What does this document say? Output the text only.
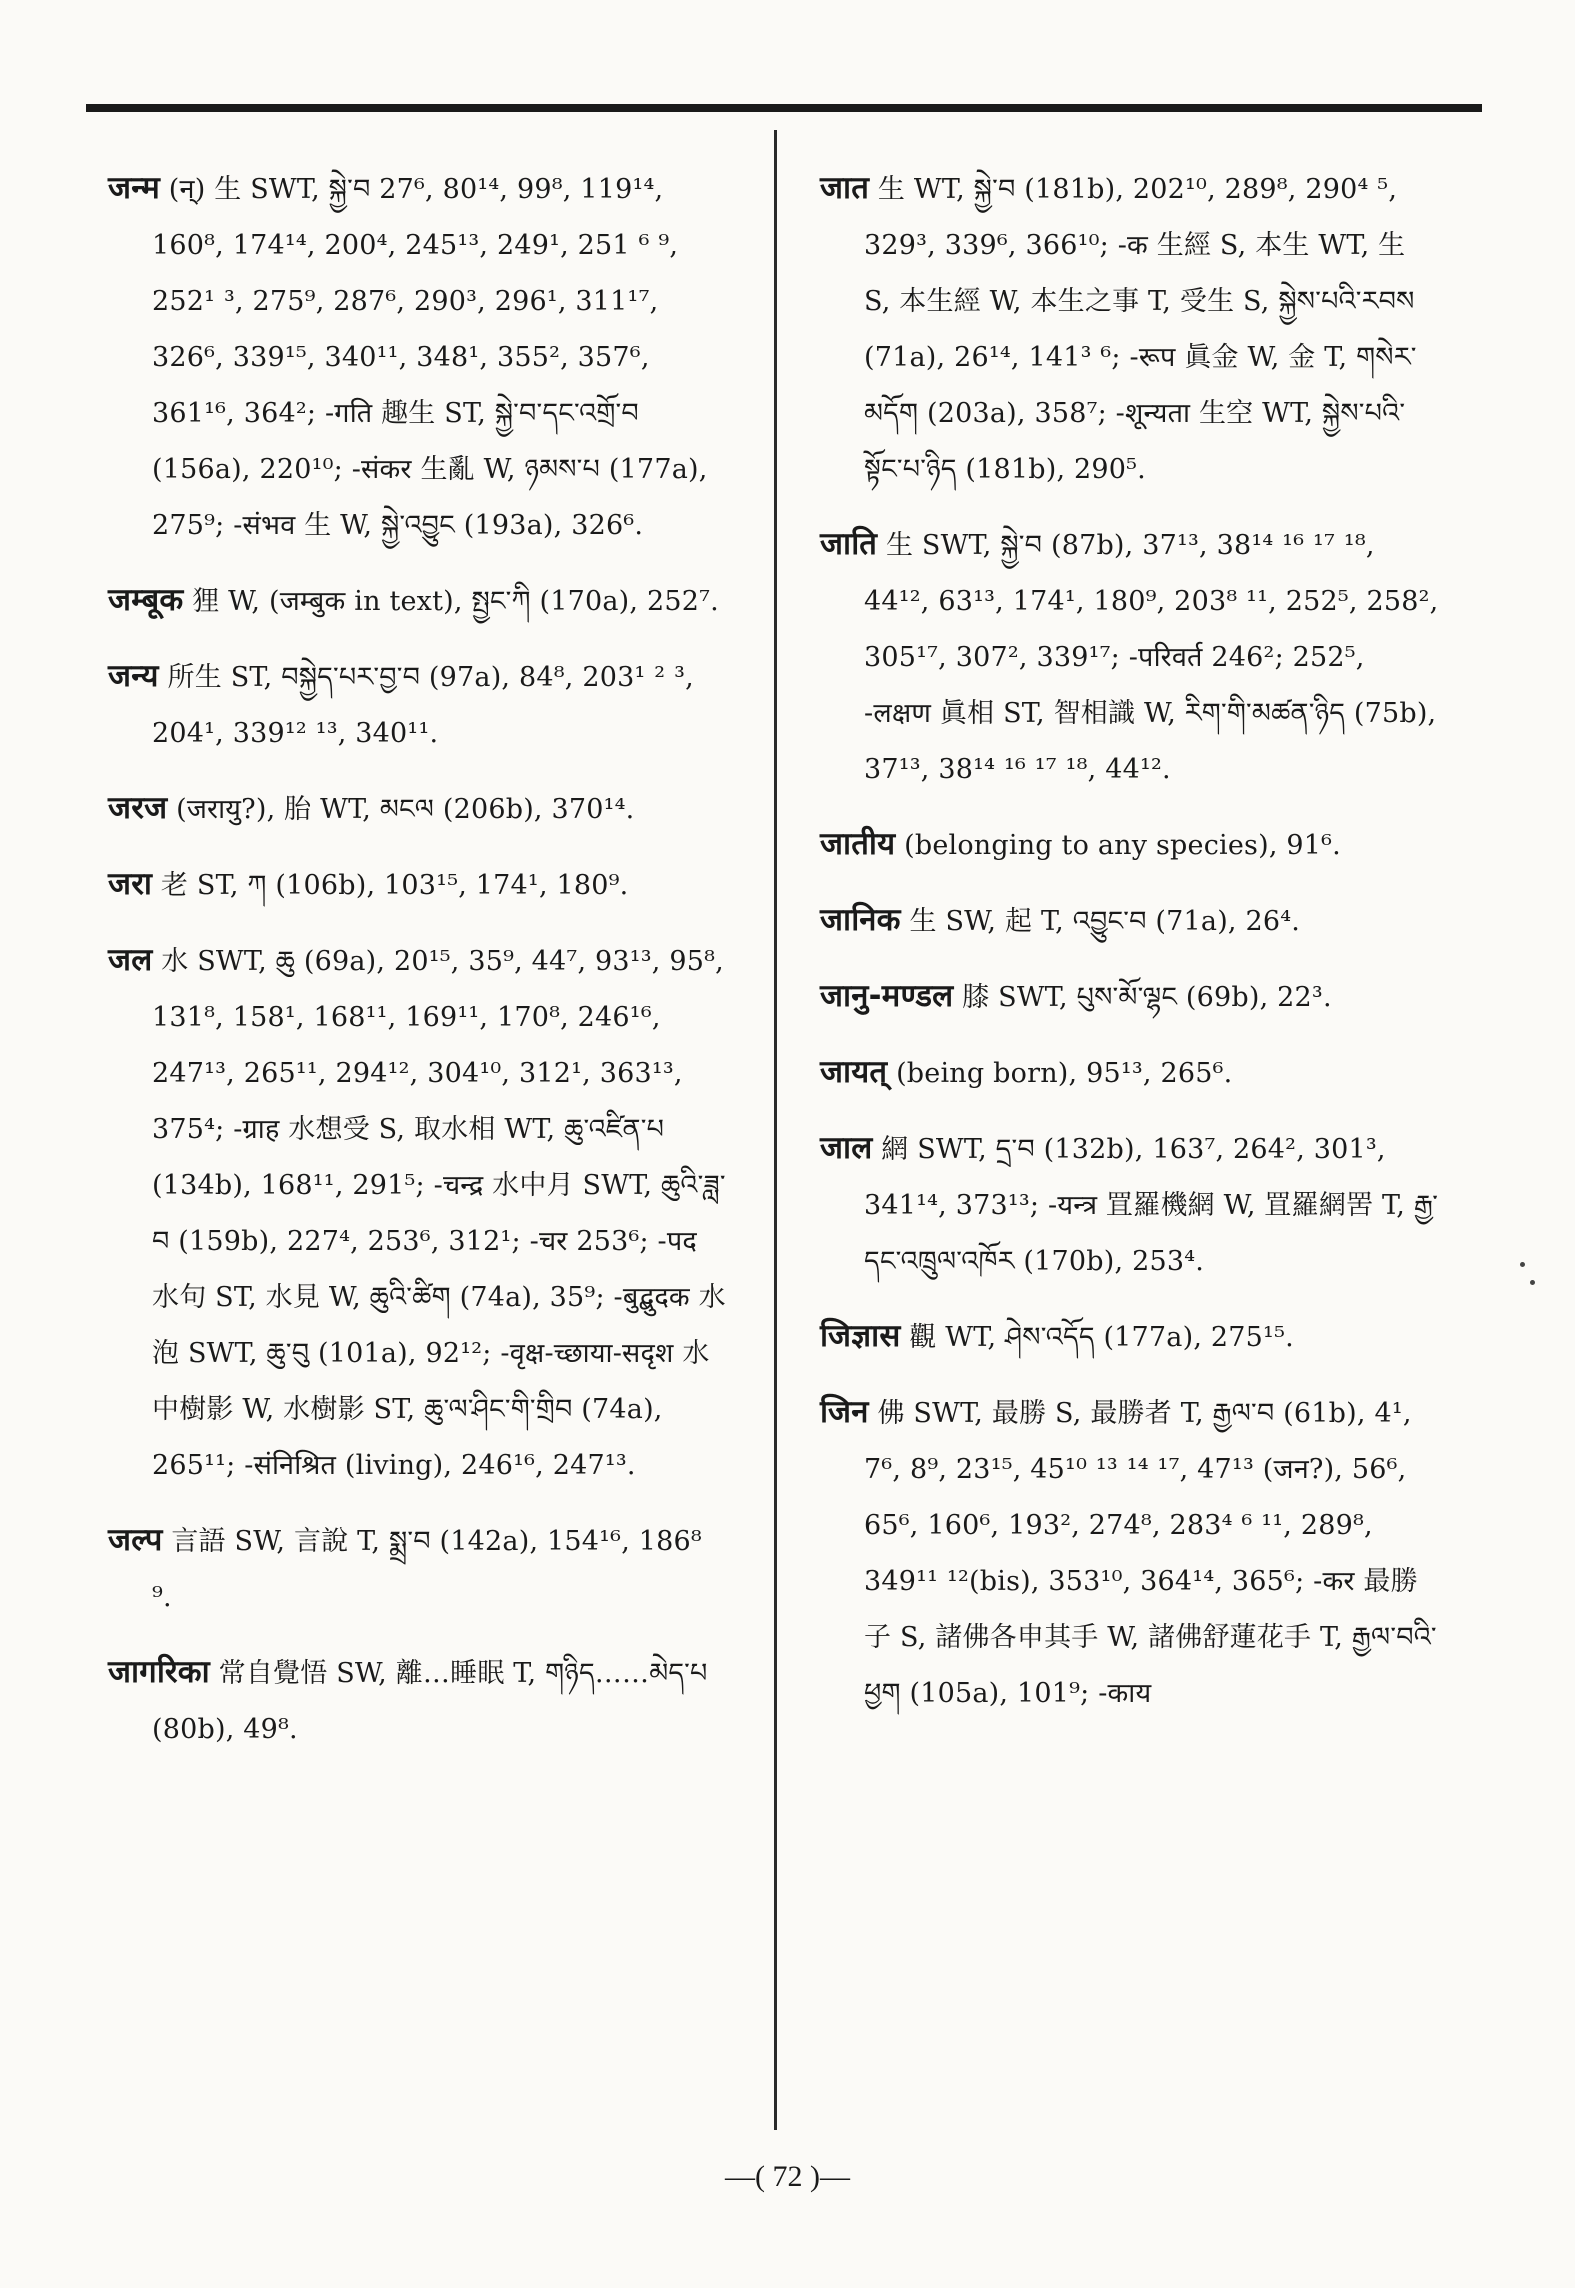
जन्म (न्) 生 SWT, སྐྱེ་བ 27⁶, 80¹⁴, 99⁸, 119¹⁴, 160⁸, 174¹⁴, 200⁴, 245¹³, 249¹, 251 ⁶ ⁹, 252¹ ³, 275⁹, 287⁶, 290³, 296¹, 311¹⁷, 326⁶, 339¹⁵, 340¹¹, 348¹, 355², 357⁶, 361¹⁶, 364²; -गति 趣生 ST, སྐྱེ་བ་དང་འགྲོ་བ (156a), 220¹⁰; -संकर 生亂 W, ཉམས་པ (177a), 275⁹; -संभव 生 W, སྐྱེ་འབྱུང (193a), 326⁶.

जम्बूक 狸 W, (जम्बुक in text), སྤྱང་ཀི (170a), 252⁷.

जन्य 所生 ST, བསྐྱེད་པར་བྱ་བ (97a), 84⁸, 203¹ ² ³, 204¹, 339¹² ¹³, 340¹¹.

जरज (जरायु?), 胎 WT, མངལ (206b), 370¹⁴.

जरा 老 ST, ཀ (106b), 103¹⁵, 174¹, 180⁹.

जल 水 SWT, ཆུ (69a), 20¹⁵, 35⁹, 44⁷, 93¹³, 95⁸, 131⁸, 158¹, 168¹¹, 169¹¹, 170⁸, 246¹⁶, 247¹³, 265¹¹, 294¹², 304¹⁰, 312¹, 363¹³, 375⁴; -ग्राह 水想受 S, 取水相 WT, ཆུ་འཛིན་པ (134b), 168¹¹, 291⁵; -चन्द्र 水中月 SWT, ཆུའི་ཟླ་བ (159b), 227⁴, 253⁶, 312¹; -चर 253⁶; -पद 水句 ST, 水見 W, ཆུའི་ཚིག (74a), 35⁹; -बुद्बुदक 水泡 SWT, ཆུ་བུ (101a), 92¹²; -वृक्ष-च्छाया-सदृश 水中樹影 W, 水樹影 ST, ཆུ་ལ་ཤིང་གི་གྲིབ (74a), 265¹¹; -संनिश्रित (living), 246¹⁶, 247¹³.

जल्प 言語 SW, 言說 T, སྨྲ་བ (142a), 154¹⁶, 186⁸ ⁹.

जागरिका 常自覺悟 SW, 離…睡眠 T, གཉིད……མེད་པ (80b), 49⁸.

जात 生 WT, སྐྱེ་བ (181b), 202¹⁰, 289⁸, 290⁴ ⁵, 329³, 339⁶, 366¹⁰; -क 生經 S, 本生 WT, 生 S, 本生經 W, 本生之事 T, 受生 S, སྐྱེས་པའི་རབས (71a), 26¹⁴, 141³ ⁶; -रूप 眞金 W, 金 T, གསེར་མདོག (203a), 358⁷; -शून्यता 生空 WT, སྐྱེས་པའི་སྟོང་པ་ཉིད (181b), 290⁵.

जाति 生 SWT, སྐྱེ་བ (87b), 37¹³, 38¹⁴ ¹⁶ ¹⁷ ¹⁸, 44¹², 63¹³, 174¹, 180⁹, 203⁸ ¹¹, 252⁵, 258², 305¹⁷, 307², 339¹⁷; -परिवर्त 246²; 252⁵, -लक्षण 眞相 ST, 智相識 W, རིག་གི་མཚན་ཉིད (75b), 37¹³, 38¹⁴ ¹⁶ ¹⁷ ¹⁸, 44¹².

जातीय (belonging to any species), 91⁶.

जानिक 生 SW, 起 T, འབྱུང་བ (71a), 26⁴.

जानु-मण्डल 膝 SWT, པུས་མོ་ལྷང (69b), 22³.

जायत् (being born), 95¹³, 265⁶.

जाल 網 SWT, དྲ་བ (132b), 163⁷, 264², 301³, 341¹⁴, 373¹³; -यन्त्र 罝羅機網 W, 罝羅網罟 T, རྒྱ་དང་འཁྲུལ་འཁོར (170b), 253⁴.

जिज्ञास 觀 WT, ཤེས་འདོད (177a), 275¹⁵.

जिन 佛 SWT, 最勝 S, 最勝者 T, རྒྱལ་བ (61b), 4¹, 7⁶, 8⁹, 23¹⁵, 45¹⁰ ¹³ ¹⁴ ¹⁷, 47¹³ (जन?), 56⁶, 65⁶, 160⁶, 193², 274⁸, 283⁴ ⁶ ¹¹, 289⁸, 349¹¹ ¹²(bis), 353¹⁰, 364¹⁴, 365⁶; -कर 最勝子 S, 諸佛各申其手 W, 諸佛舒蓮花手 T, རྒྱལ་བའི་ཕྱག (105a), 101⁹; -काय

—( 72 )—
